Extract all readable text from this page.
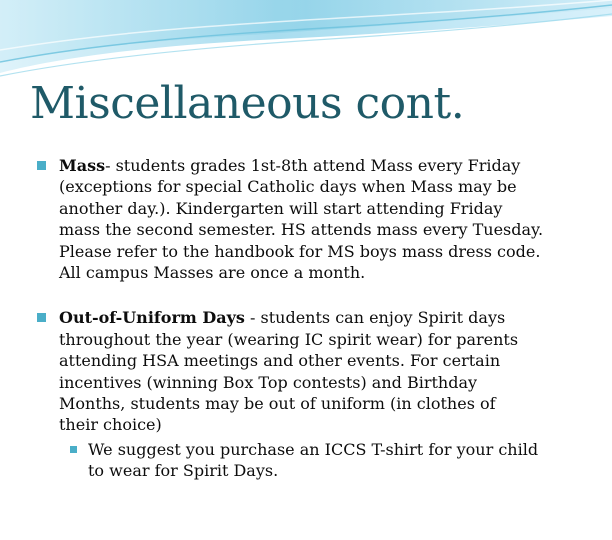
Miscellaneous cont.
Mass- students grades 1st-8th attend Mass every Friday
(exceptions for special Catholic days when Mass may be
another day.). Kindergarten will start attending Friday
mass the second semester. HS attends mass every Tuesday.
Please refer to the handbook for MS boys mass dress code.
All campus Masses are once a month.
Out-of-Uniform Days - students can enjoy Spirit days
throughout the year (wearing IC spirit wear) for parents
attending HSA meetings and other events. For certain
incentives (winning Box Top contests) and Birthday
Months, students may be out of uniform (in clothes of
their choice)
We suggest you purchase an ICCS T-shirt for your child
to wear for Spirit Days.
